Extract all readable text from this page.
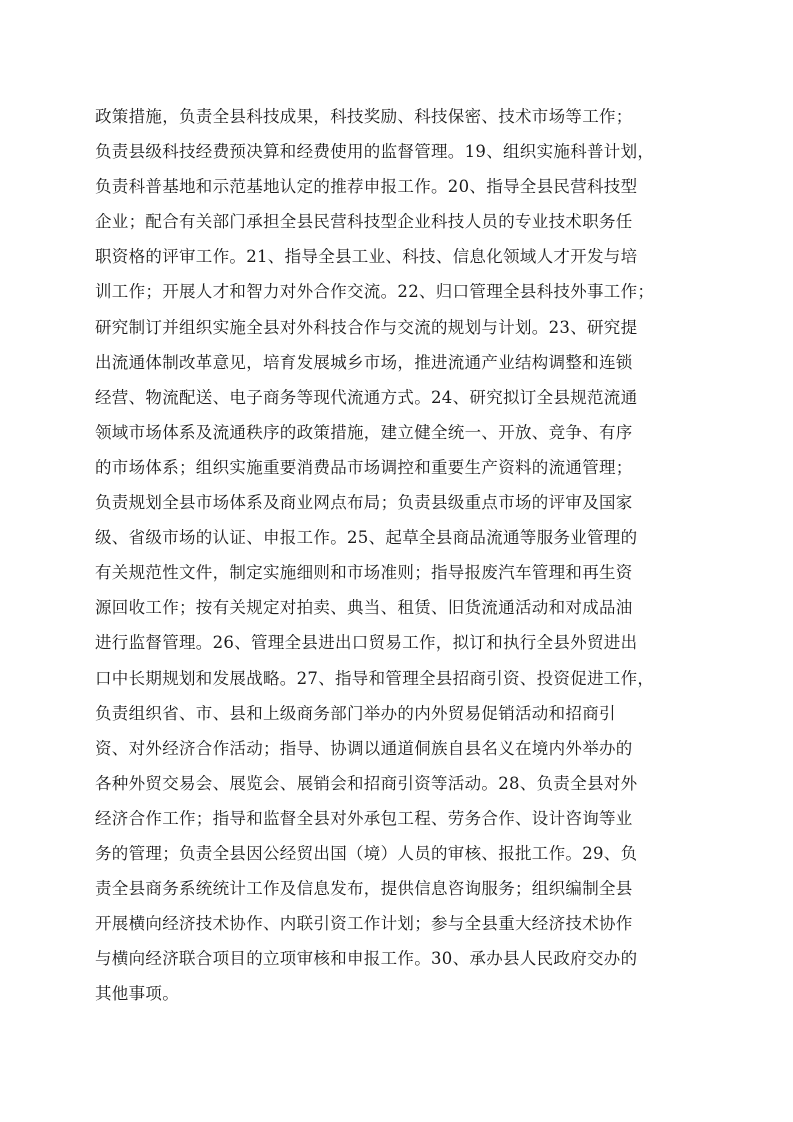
政策措施，负责全县科技成果，科技奖励、科技保密、技术市场等工作；
负责县级科技经费预决算和经费使用的监督管理。19、组织实施科普计划，
负责科普基地和示范基地认定的推荐申报工作。20、指导全县民营科技型
企业；配合有关部门承担全县民营科技型企业科技人员的专业技术职务任
职资格的评审工作。21、指导全县工业、科技、信息化领域人才开发与培
训工作；开展人才和智力对外合作交流。22、归口管理全县科技外事工作；
研究制订并组织实施全县对外科技合作与交流的规划与计划。23、研究提
出流通体制改革意见，培育发展城乡市场，推进流通产业结构调整和连锁
经营、物流配送、电子商务等现代流通方式。24、研究拟订全县规范流通
领域市场体系及流通秩序的政策措施，建立健全统一、开放、竞争、有序
的市场体系；组织实施重要消费品市场调控和重要生产资料的流通管理；
负责规划全县市场体系及商业网点布局；负责县级重点市场的评审及国家
级、省级市场的认证、申报工作。25、起草全县商品流通等服务业管理的
有关规范性文件，制定实施细则和市场准则；指导报废汽车管理和再生资
源回收工作；按有关规定对拍卖、典当、租赁、旧货流通活动和对成品油
进行监督管理。26、管理全县进出口贸易工作，拟订和执行全县外贸进出
口中长期规划和发展战略。27、指导和管理全县招商引资、投资促进工作，
负责组织省、市、县和上级商务部门举办的内外贸易促销活动和招商引
资、对外经济合作活动；指导、协调以通道侗族自县名义在境内外举办的
各种外贸交易会、展览会、展销会和招商引资等活动。28、负责全县对外
经济合作工作；指导和监督全县对外承包工程、劳务合作、设计咨询等业
务的管理；负责全县因公经贸出国（境）人员的审核、报批工作。29、负
责全县商务系统统计工作及信息发布，提供信息咨询服务；组织编制全县
开展横向经济技术协作、内联引资工作计划；参与全县重大经济技术协作
与横向经济联合项目的立项审核和申报工作。30、承办县人民政府交办的
其他事项。
